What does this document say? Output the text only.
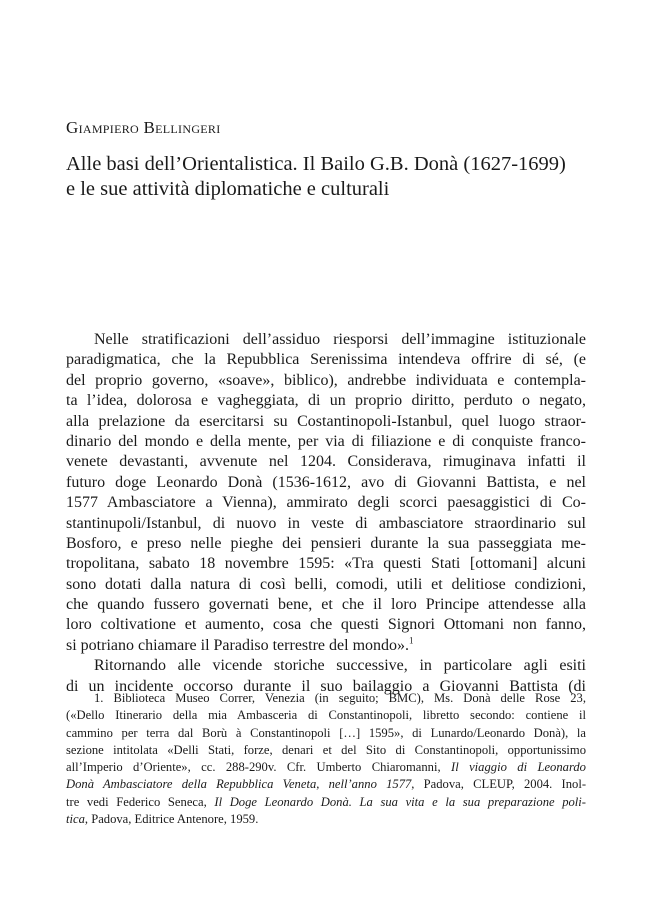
Giampiero Bellingeri
Alle basi dell’Orientalistica. Il Bailo G.B. Donà (1627-1699)
e le sue attività diplomatiche e culturali
Nelle stratificazioni dell’assiduo riesporsi dell’immagine istituzionale
paradigmatica, che la Repubblica Serenissima intendeva offrire di sé, (e
del proprio governo, «soave», biblico), andrebbe individuata e contempla-
ta l’idea, dolorosa e vagheggiata, di un proprio diritto, perduto o negato,
alla prelazione da esercitarsi su Costantinopoli-Istanbul, quel luogo straor-
dinario del mondo e della mente, per via di filiazione e di conquiste franco-
venete devastanti, avvenute nel 1204. Considerava, rimuginava infatti il
futuro doge Leonardo Donà (1536-1612, avo di Giovanni Battista, e nel
1577 Ambasciatore a Vienna), ammirato degli scorci paesaggistici di Co-
stantinupoli/Istanbul, di nuovo in veste di ambasciatore straordinario sul
Bosforo, e preso nelle pieghe dei pensieri durante la sua passeggiata me-
tropolitana, sabato 18 novembre 1595: «Tra questi Stati [ottomani] alcuni
sono dotati dalla natura di così belli, comodi, utili et delitiose condizioni,
che quando fussero governati bene, et che il loro Principe attendesse alla
loro coltivatione et aumento, cosa che questi Signori Ottomani non fanno,
si potriano chiamare il Paradiso terrestre del mondo».$^1$
Ritornando alle vicende storiche successive, in particolare agli esiti
di un incidente occorso durante il suo bailaggio a Giovanni Battista (di
1. Biblioteca Museo Correr, Venezia (in seguito; BMC), Ms. Donà delle Rose 23,
(«Dello Itinerario della mia Ambasceria di Constantinopoli, libretto secondo: contiene il
cammino per terra dal Borù à Constantinopoli […] 1595», di Lunardo/Leonardo Donà), la
sezione intitolata «Delli Stati, forze, denari et del Sito di Constantinopoli, opportunissimo
all’Imperio d’Oriente», cc. 288-290v. Cfr. Umberto Chiaromanni, Il viaggio di Leonardo
Donà Ambasciatore della Repubblica Veneta, nell’anno 1577, Padova, CLEUP, 2004. Inol-
tre vedi Federico Seneca, Il Doge Leonardo Donà. La sua vita e la sua preparazione poli-
tica, Padova, Editrice Antenore, 1959.
